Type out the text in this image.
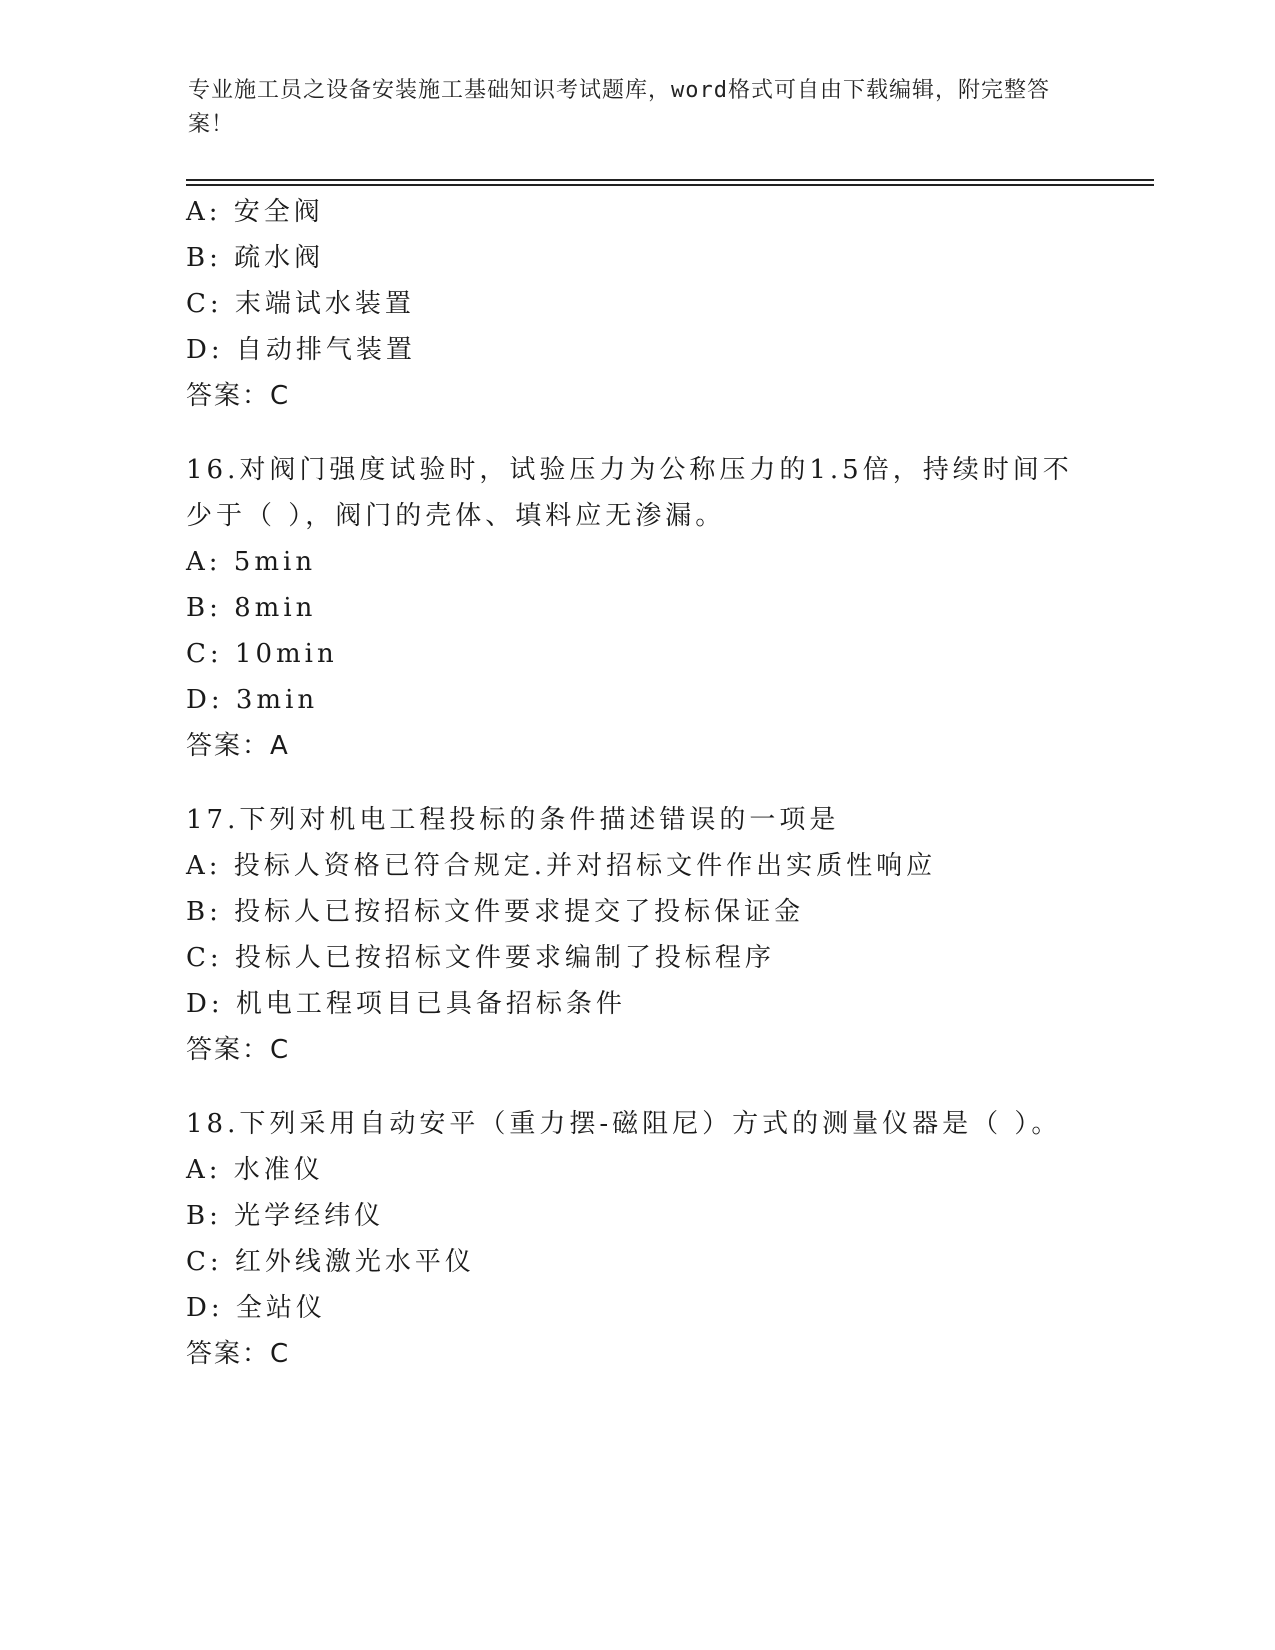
专业施工员之设备安装施工基础知识考试题库，word格式可自由下载编辑，附完整答案！
A: 安全阀
B: 疏水阀
C: 末端试水装置
D: 自动排气装置
答案：C
16.对阀门强度试验时，试验压力为公称压力的1.5倍，持续时间不少于（ ），阀门的壳体、填料应无渗漏。
A: 5min
B: 8min
C: 10min
D: 3min
答案：A
17.下列对机电工程投标的条件描述错误的一项是
A: 投标人资格已符合规定.并对招标文件作出实质性响应
B: 投标人已按招标文件要求提交了投标保证金
C: 投标人已按招标文件要求编制了投标程序
D: 机电工程项目已具备招标条件
答案：C
18.下列采用自动安平（重力摆-磁阻尼）方式的测量仪器是（ ）。
A: 水准仪
B: 光学经纬仪
C: 红外线激光水平仪
D: 全站仪
答案：C
